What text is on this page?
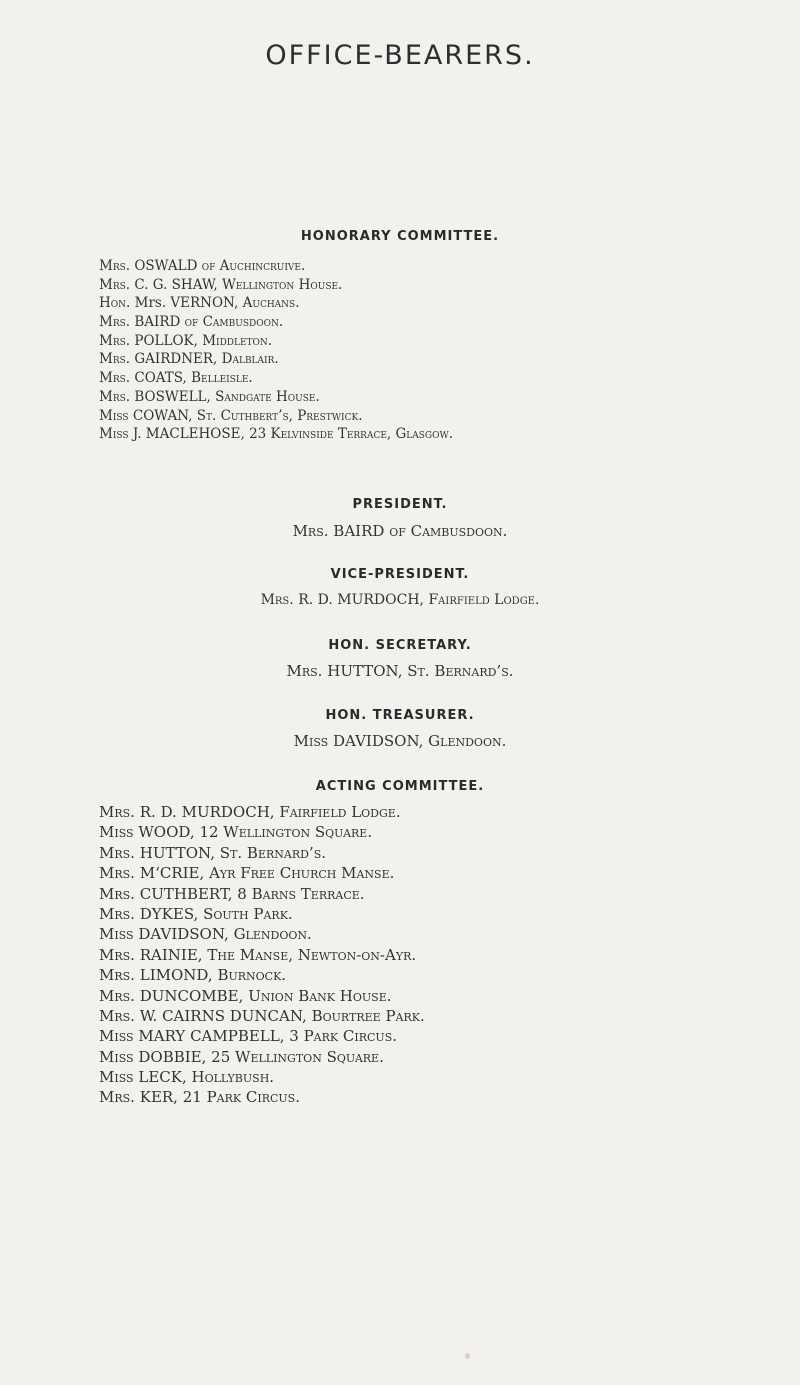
OFFICE-BEARERS.
HONORARY COMMITTEE.
Mrs. OSWALD of Auchincruive.
Mrs. C. G. SHAW, Wellington House.
Hon. Mrs. VERNON, Auchans.
Mrs. BAIRD of Cambusdoon.
Mrs. POLLOK, Middleton.
Mrs. GAIRDNER, Dalblair.
Mrs. COATS, Belleisle.
Mrs. BOSWELL, Sandgate House.
Miss COWAN, St. Cuthbert’s, Prestwick.
Miss J. MACLEHOSE, 23 Kelvinside Terrace, Glasgow.
PRESIDENT.
Mrs. BAIRD of Cambusdoon.
VICE-PRESIDENT.
Mrs. R. D. MURDOCH, Fairfield Lodge.
HON. SECRETARY.
Mrs. HUTTON, St. Bernard’s.
HON. TREASURER.
Miss DAVIDSON, Glendoon.
ACTING COMMITTEE.
Mrs. R. D. MURDOCH, Fairfield Lodge.
Miss WOOD, 12 Wellington Square.
Mrs. HUTTON, St. Bernard’s.
Mrs. M‘CRIE, Ayr Free Church Manse.
Mrs. CUTHBERT, 8 Barns Terrace.
Mrs. DYKES, South Park.
Miss DAVIDSON, Glendoon.
Mrs. RAINIE, The Manse, Newton-on-Ayr.
Mrs. LIMOND, Burnock.
Mrs. DUNCOMBE, Union Bank House.
Mrs. W. CAIRNS DUNCAN, Bourtree Park.
Miss MARY CAMPBELL, 3 Park Circus.
Miss DOBBIE, 25 Wellington Square.
Miss LECK, Hollybush.
Mrs. KER, 21 Park Circus.
